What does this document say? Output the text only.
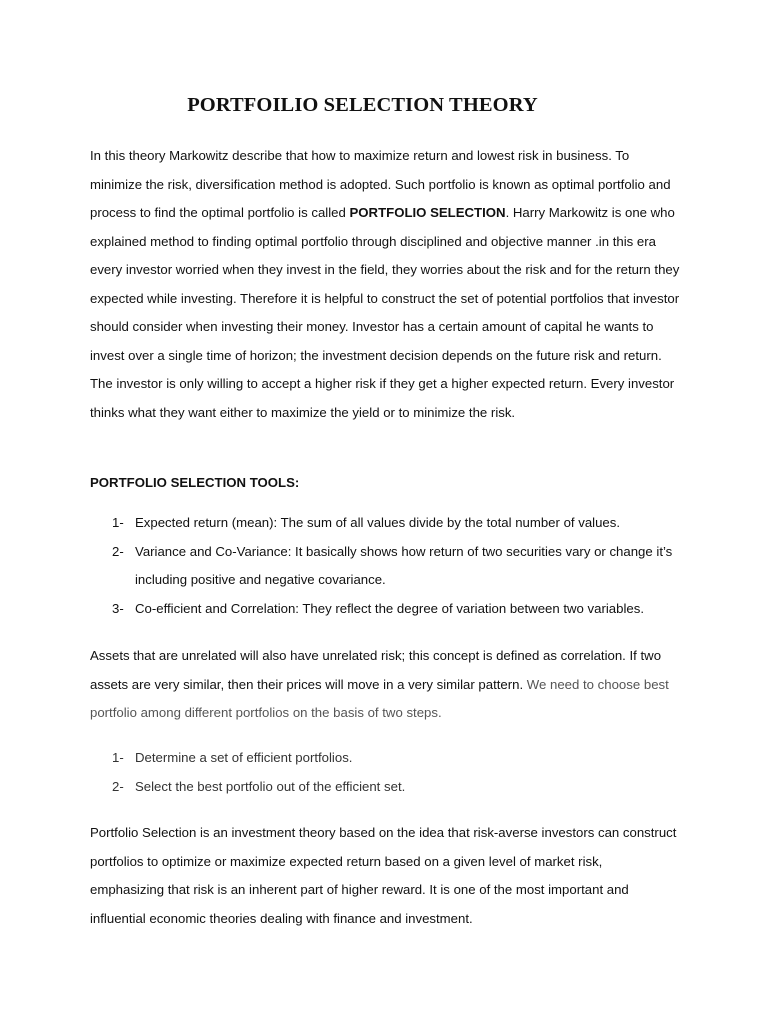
PORTFOILIO SELECTION THEORY

In this theory Markowitz describe that how to maximize return and lowest risk in business. To minimize the risk, diversification method is adopted. Such portfolio is known as optimal portfolio and process to find the optimal portfolio is called PORTFOLIO SELECTION. Harry Markowitz is one who explained method to finding optimal portfolio through disciplined and objective manner .in this era every investor worried when they invest in the field, they worries about the risk and for the return they expected while investing. Therefore it is helpful to construct the set of potential portfolios that investor should consider when investing their money. Investor has a certain amount of capital he wants to invest over a single time of horizon; the investment decision depends on the future risk and return. The investor is only willing to accept a higher risk if they get a higher expected return. Every investor thinks what they want either to maximize the yield or to minimize the risk.

PORTFOLIO SELECTION TOOLS:
1- Expected return (mean): The sum of all values divide by the total number of values.
2- Variance and Co-Variance: It basically shows how return of two securities vary or change it’s including positive and negative covariance.
3- Co-efficient and Correlation: They reflect the degree of variation between two variables.

Assets that are unrelated will also have unrelated risk; this concept is defined as correlation. If two assets are very similar, then their prices will move in a very similar pattern. We need to choose best portfolio among different portfolios on the basis of two steps.

1- Determine a set of efficient portfolios.
2- Select the best portfolio out of the efficient set.

Portfolio Selection is an investment theory based on the idea that risk-averse investors can construct portfolios to optimize or maximize expected return based on a given level of market risk, emphasizing that risk is an inherent part of higher reward. It is one of the most important and influential economic theories dealing with finance and investment.
